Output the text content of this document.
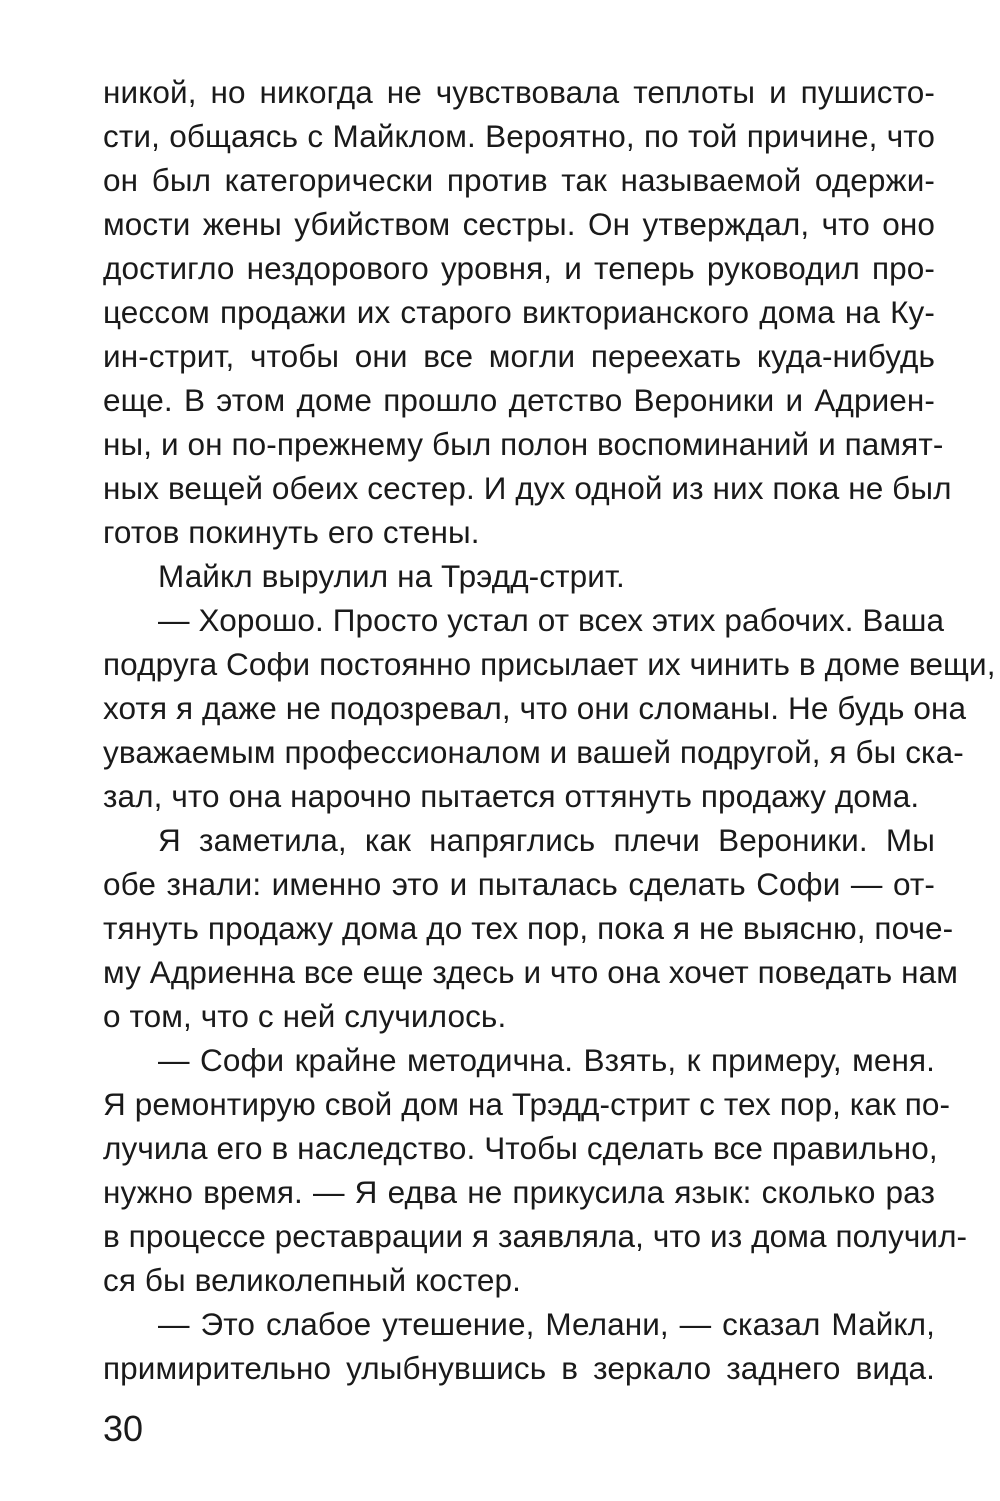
никой, но никогда не чувствовала теплоты и пушисто-
сти, общаясь с Майклом. Вероятно, по той причине, что
он был категорически против так называемой одержи-
мости жены убийством сестры. Он утверждал, что оно
достигло нездорового уровня, и теперь руководил про-
цессом продажи их старого викторианского дома на Ку-
ин-стрит, чтобы они все могли переехать куда-нибудь
еще. В этом доме прошло детство Вероники и Адриен-
ны, и он по-прежнему был полон воспоминаний и памят-
ных вещей обеих сестер. И дух одной из них пока не был
готов покинуть его стены.
Майкл вырулил на Трэдд-стрит.
— Хорошо. Просто устал от всех этих рабочих. Ваша
подруга Софи постоянно присылает их чинить в доме вещи,
хотя я даже не подозревал, что они сломаны. Не будь она
уважаемым профессионалом и вашей подругой, я бы ска-
зал, что она нарочно пытается оттянуть продажу дома.
Я заметила, как напряглись плечи Вероники. Мы
обе знали: именно это и пыталась сделать Софи — от-
тянуть продажу дома до тех пор, пока я не выясню, поче-
му Адриенна все еще здесь и что она хочет поведать нам
о том, что с ней случилось.
— Софи крайне методична. Взять, к примеру, меня.
Я ремонтирую свой дом на Трэдд-стрит с тех пор, как по-
лучила его в наследство. Чтобы сделать все правильно,
нужно время. — Я едва не прикусила язык: сколько раз
в процессе реставрации я заявляла, что из дома получил-
ся бы великолепный костер.
— Это слабое утешение, Мелани, — сказал Майкл,
примирительно улыбнувшись в зеркало заднего вида.
30
